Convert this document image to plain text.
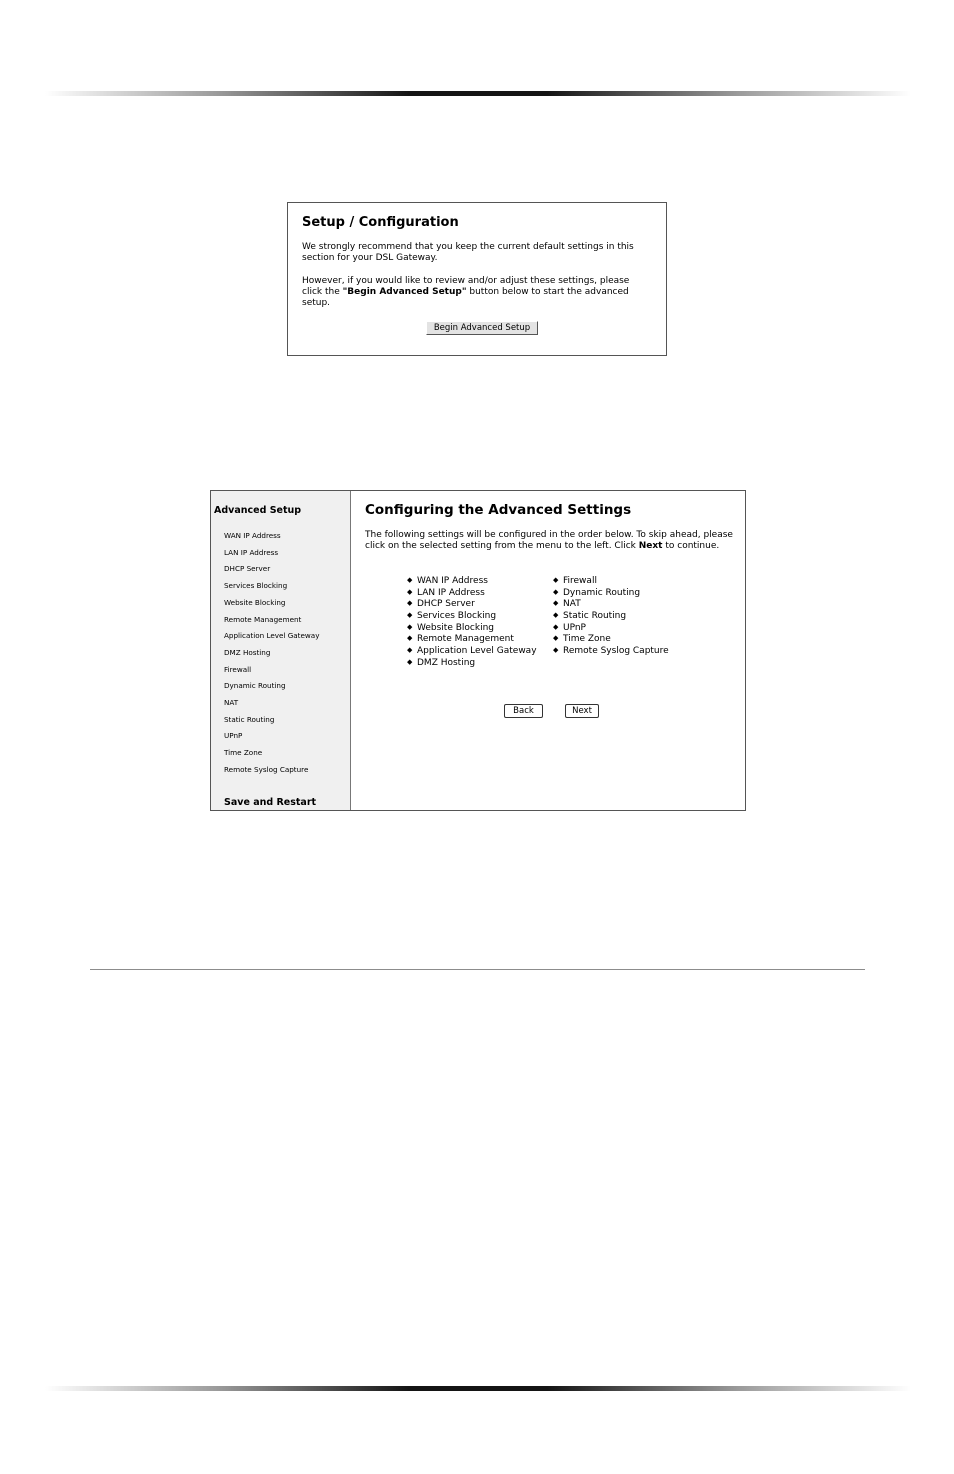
Setup / Configuration
We strongly recommend that you keep the current default settings in this section for your DSL Gateway.
However, if you would like to review and/or adjust these settings, please click the "Begin Advanced Setup" button below to start the advanced setup.
Begin Advanced Setup
Advanced Setup
WAN IP Address
LAN IP Address
DHCP Server
Services Blocking
Website Blocking
Remote Management
Application Level Gateway
DMZ Hosting
Firewall
Dynamic Routing
NAT
Static Routing
UPnP
Time Zone
Remote Syslog Capture
Save and Restart
Configuring the Advanced Settings
The following settings will be configured in the order below. To skip ahead, please click on the selected setting from the menu to the left. Click Next to continue.
◆ WAN IP Address
◆ LAN IP Address
◆ DHCP Server
◆ Services Blocking
◆ Website Blocking
◆ Remote Management
◆ Application Level Gateway
◆ DMZ Hosting
◆ Firewall
◆ Dynamic Routing
◆ NAT
◆ Static Routing
◆ UPnP
◆ Time Zone
◆ Remote Syslog Capture
Back	Next
